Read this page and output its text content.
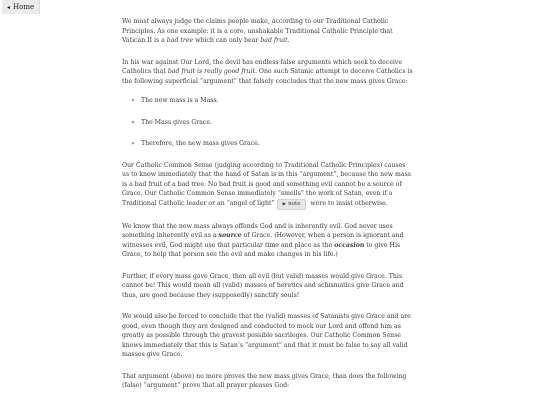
◂ Home

We must always judge the claims people make, according to our Traditional Catholic Principles. As one example: it is a core, unshakable Traditional Catholic Principle that Vatican II is a bad tree which can only bear bad fruit.

In his war against Our Lord, the devil has endless false arguments which seek to deceive Catholics that bad fruit is really good fruit. One such Satanic attempt to deceive Catholics is the following superficial “argument” that falsely concludes that the new mass gives Grace:

» The new mass is a Mass.
» The Mass gives Grace.
» Therefore, the new mass gives Grace.

Our Catholic Common Sense (judging according to Traditional Catholic Principles) causes us to know immediately that the hand of Satan is in this “argument”, because the new mass is a bad fruit of a bad tree. No bad fruit is good and something evil cannot be a source of Grace. Our Catholic Common Sense immediately “smells” the work of Satan, even if a Traditional Catholic leader or an “angel of light” ▶ note were to insist otherwise.

We know that the new mass always offends God and is inherently evil. God never uses something inherently evil as a source of Grace. (However, when a person is ignorant and witnesses evil, God might use that particular time and place as the occasion to give His Grace, to help that person see the evil and make changes in his life.)

Further, if every mass gave Grace, then all evil (but valid) masses would give Grace. This cannot be! This would mean all (valid) masses of heretics and schismatics give Grace and thus, are good because they (supposedly) sanctify souls!

We would also be forced to conclude that the (valid) masses of Satanists give Grace and are good, even though they are designed and conducted to mock our Lord and offend him as greatly as possible through the gravest possible sacrileges. Our Catholic Common Sense knows immediately that this is Satan’s “argument” and that it must be false to say all valid masses give Grace.

That argument (above) no more proves the new mass gives Grace, than does the following (false) “argument” prove that all prayer pleases God:
